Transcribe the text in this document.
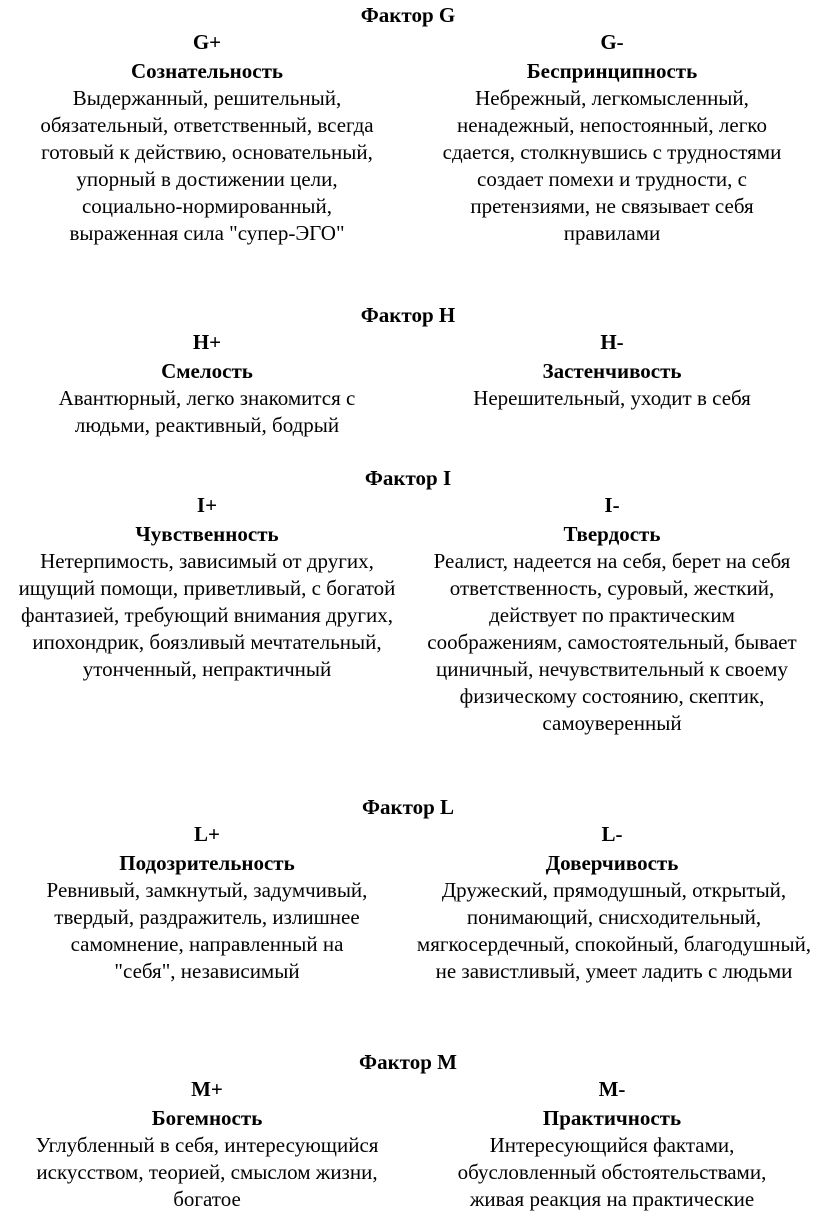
Фактор G
G+
Сознательность
Выдержанный, решительный, обязательный, ответственный, всегда готовый к действию, основательный, упорный в достижении цели, социально-нормированный, выраженная сила "супер-ЭГО"
G-
Беспринципность
Небрежный, легкомысленный, ненадежный, непостоянный, легко сдается, столкнувшись с трудностями создает помехи и трудности, с претензиями, не связывает себя правилами
Фактор H
H+
Смелость
Авантюрный, легко знакомится с людьми, реактивный, бодрый
H-
Застенчивость
Нерешительный, уходит в себя
Фактор I
I+
Чувственность
Нетерпимость, зависимый от других, ищущий помощи, приветливый, с богатой фантазией, требующий внимания других, ипохондрик, боязливый мечтательный, утонченный, непрактичный
I-
Твердость
Реалист, надеется на себя, берет на себя ответственность, суровый, жесткий, действует по практическим соображениям, самостоятельный, бывает циничный, нечувствительный к своему физическому состоянию, скептик, самоуверенный
Фактор L
L+
Подозрительность
Ревнивый, замкнутый, задумчивый, твердый, раздражитель, излишнее самомнение, направленный на "себя", независимый
L-
Доверчивость
Дружеский, прямодушный, открытый, понимающий, снисходительный, мягкосердечный, спокойный, благодушный, не завистливый, умеет ладить с людьми
Фактор M
M+
Богемность
Углубленный в себя, интересующийся искусством, теорией, смыслом жизни, богатое
M-
Практичность
Интересующийся фактами, обусловленный обстоятельствами, живая реакция на практические
